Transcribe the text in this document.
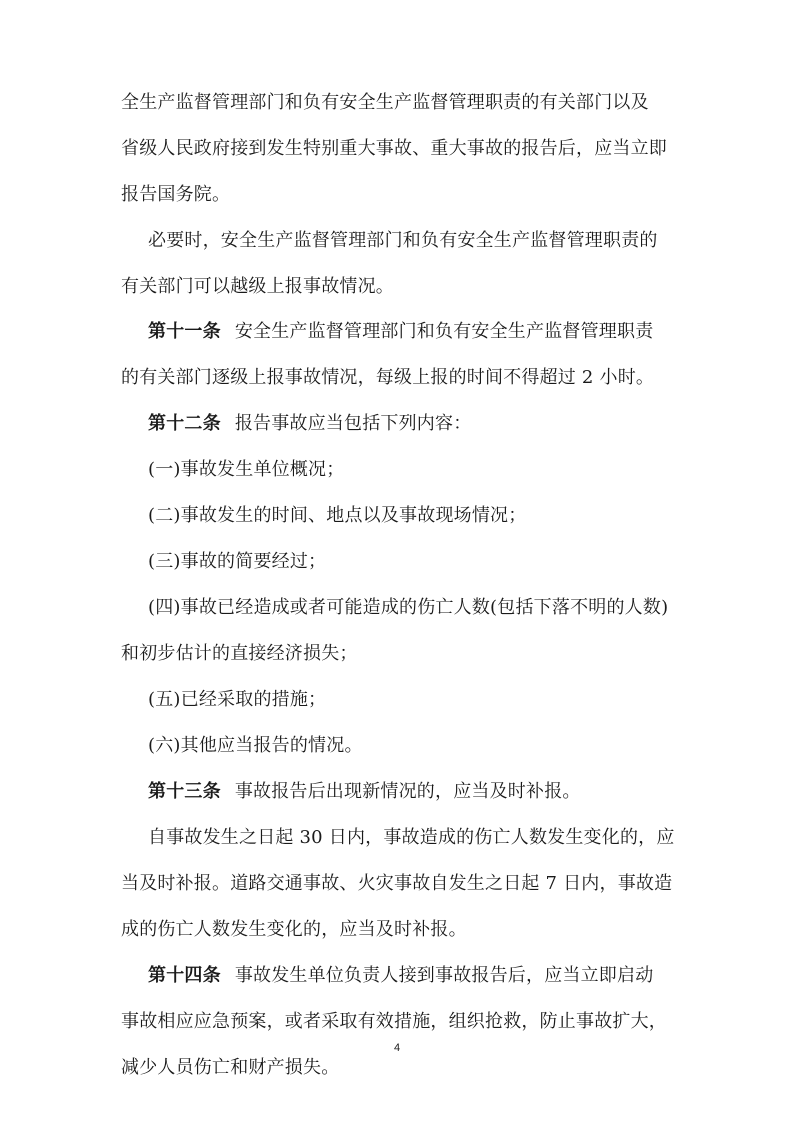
全生产监督管理部门和负有安全生产监督管理职责的有关部门以及
省级人民政府接到发生特别重大事故、重大事故的报告后，应当立即
报告国务院。
必要时，安全生产监督管理部门和负有安全生产监督管理职责的
有关部门可以越级上报事故情况。
第十一条 安全生产监督管理部门和负有安全生产监督管理职责
的有关部门逐级上报事故情况，每级上报的时间不得超过 2 小时。
第十二条 报告事故应当包括下列内容：
(一)事故发生单位概况；
(二)事故发生的时间、地点以及事故现场情况；
(三)事故的简要经过；
(四)事故已经造成或者可能造成的伤亡人数(包括下落不明的人数)
和初步估计的直接经济损失；
(五)已经采取的措施；
(六)其他应当报告的情况。
第十三条 事故报告后出现新情况的，应当及时补报。
自事故发生之日起 30 日内，事故造成的伤亡人数发生变化的，应
当及时补报。道路交通事故、火灾事故自发生之日起 7 日内，事故造
成的伤亡人数发生变化的，应当及时补报。
第十四条 事故发生单位负责人接到事故报告后，应当立即启动
事故相应应急预案，或者采取有效措施，组织抢救，防止事故扩大，
减少人员伤亡和财产损失。
4
